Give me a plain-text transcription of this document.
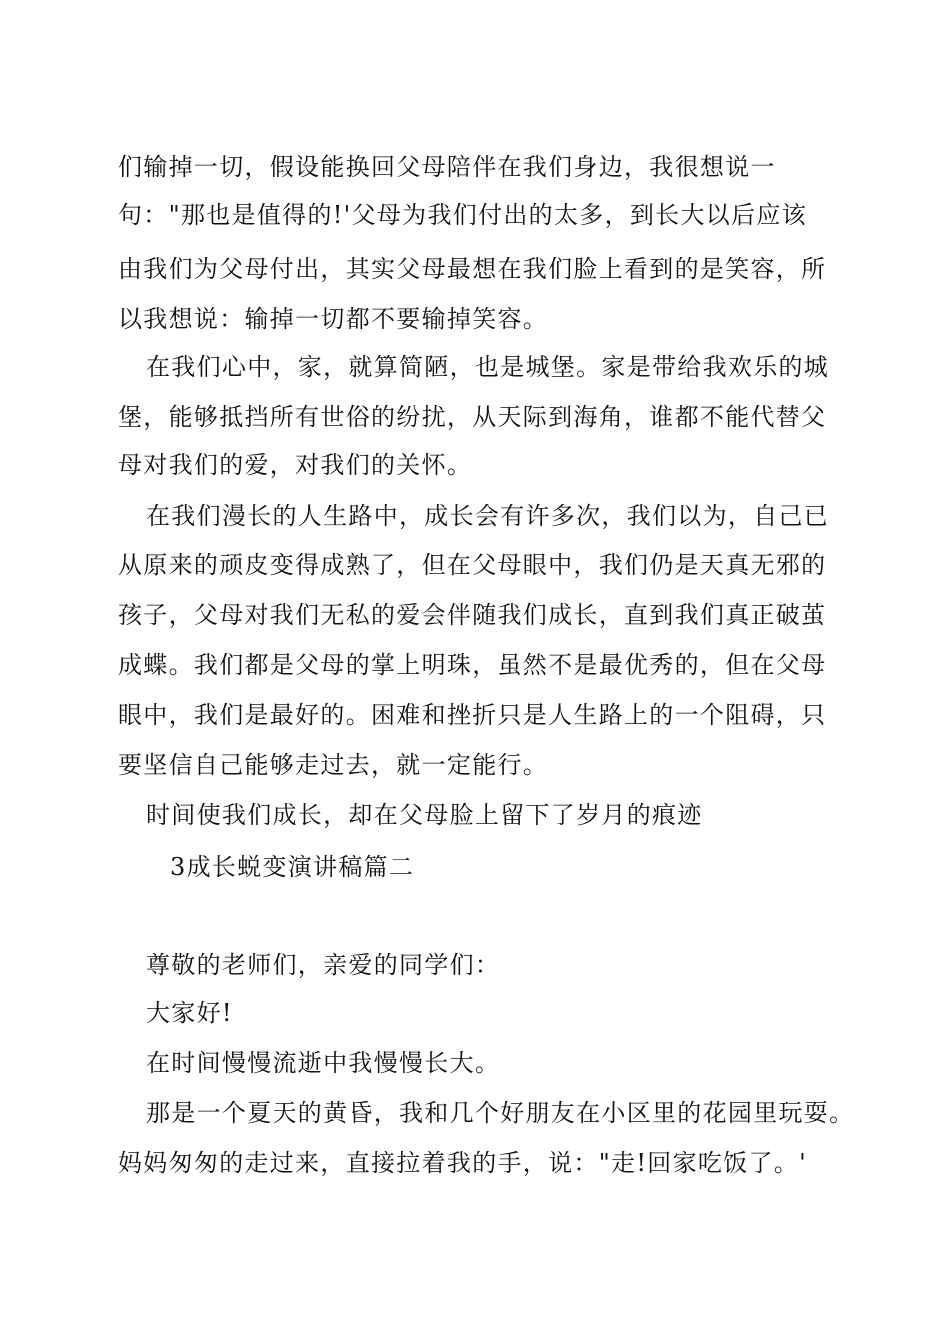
们输掉一切，假设能换回父母陪伴在我们身边，我很想说一
句："那也是值得的!'父母为我们付出的太多，到长大以后应该
由我们为父母付出，其实父母最想在我们脸上看到的是笑容，所
以我想说：输掉一切都不要输掉笑容。
在我们心中，家，就算简陋，也是城堡。家是带给我欢乐的城
堡，能够抵挡所有世俗的纷扰，从天际到海角，谁都不能代替父
母对我们的爱，对我们的关怀。
在我们漫长的人生路中，成长会有许多次，我们以为，自己已
从原来的顽皮变得成熟了，但在父母眼中，我们仍是天真无邪的
孩子，父母对我们无私的爱会伴随我们成长，直到我们真正破茧
成蝶。我们都是父母的掌上明珠，虽然不是最优秀的，但在父母
眼中，我们是最好的。困难和挫折只是人生路上的一个阻碍，只
要坚信自己能够走过去，就一定能行。
时间使我们成长，却在父母脸上留下了岁月的痕迹
3成长蜕变演讲稿篇二
尊敬的老师们，亲爱的同学们：
大家好!
在时间慢慢流逝中我慢慢长大。
那是一个夏天的黄昏，我和几个好朋友在小区里的花园里玩耍。
妈妈匆匆的走过来，直接拉着我的手，说："走!回家吃饭了。'
